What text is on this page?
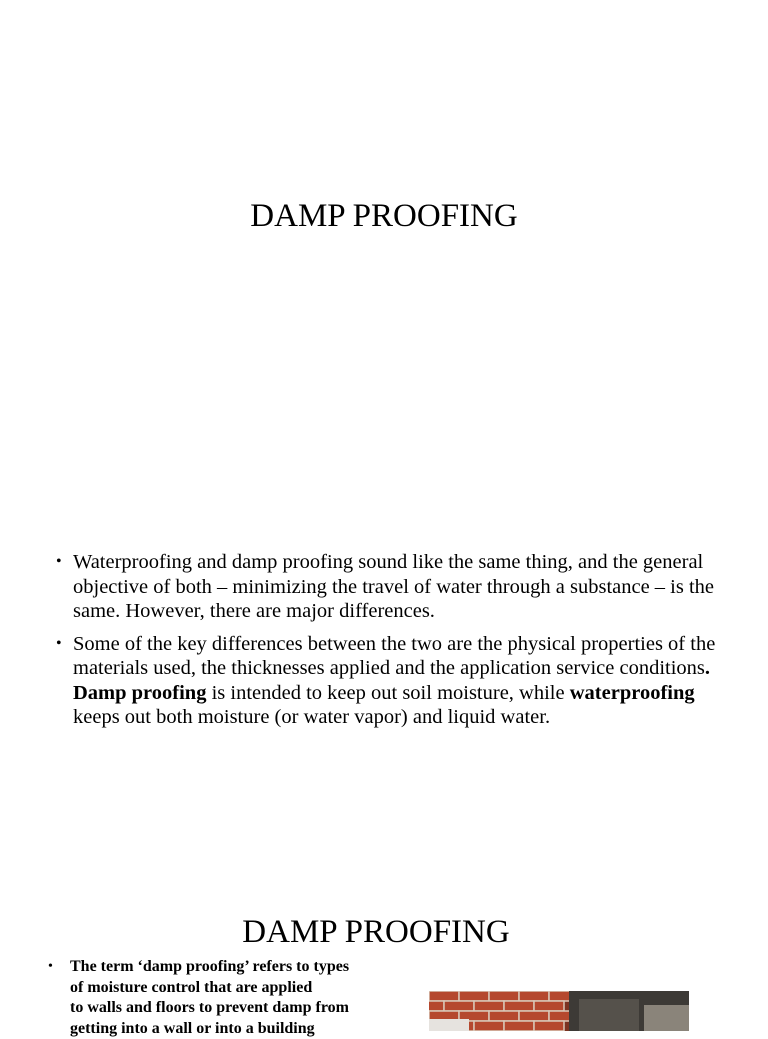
DAMP PROOFING
• Waterproofing and damp proofing sound like the same thing, and the general objective of both – minimizing the travel of water through a substance – is the same. However, there are major differences.
• Some of the key differences between the two are the physical properties of the materials used, the thicknesses applied and the application service conditions. Damp proofing is intended to keep out soil moisture, while waterproofing keeps out both moisture (or water vapor) and liquid water.
DAMP PROOFING
• The term ‘damp proofing’ refers to types
of moisture control that are applied
to walls and floors to prevent damp from
getting into a wall or into a building
